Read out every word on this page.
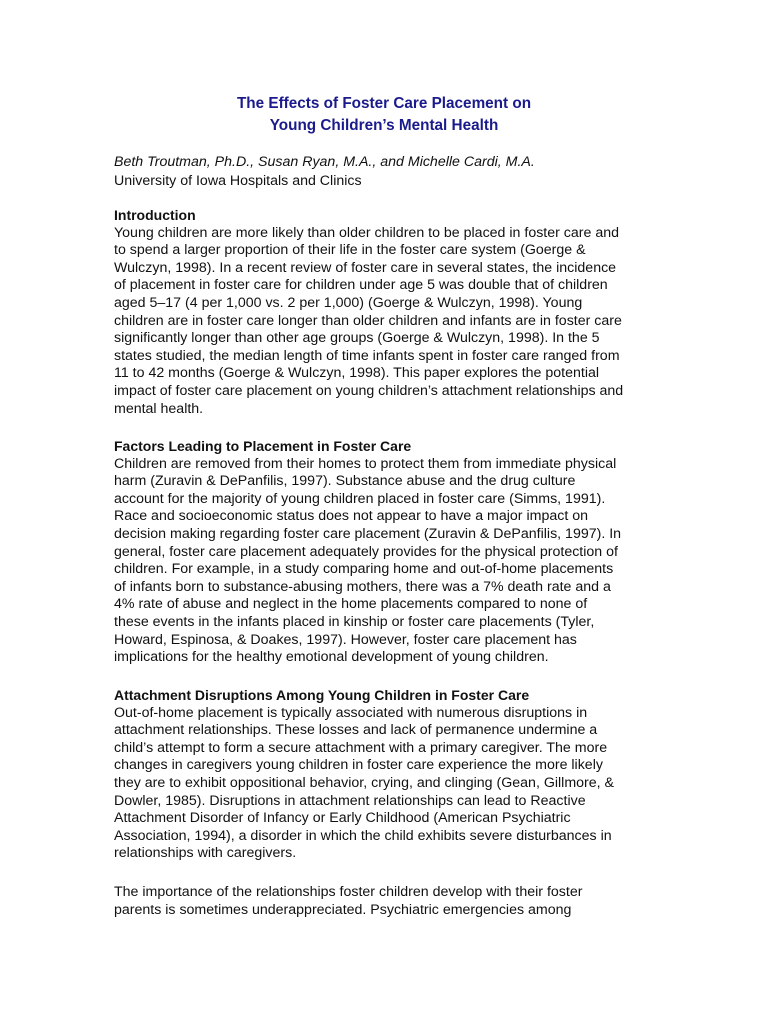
The Effects of Foster Care Placement on
Young Children’s Mental Health
Beth Troutman, Ph.D., Susan Ryan, M.A., and Michelle Cardi, M.A.
University of Iowa Hospitals and Clinics
Introduction
Young children are more likely than older children to be placed in foster care and
to spend a larger proportion of their life in the foster care system (Goerge &
Wulczyn, 1998). In a recent review of foster care in several states, the incidence
of placement in foster care for children under age 5 was double that of children
aged 5–17 (4 per 1,000 vs. 2 per 1,000) (Goerge & Wulczyn, 1998). Young
children are in foster care longer than older children and infants are in foster care
significantly longer than other age groups (Goerge & Wulczyn, 1998). In the 5
states studied, the median length of time infants spent in foster care ranged from
11 to 42 months (Goerge & Wulczyn, 1998). This paper explores the potential
impact of foster care placement on young children’s attachment relationships and
mental health.
Factors Leading to Placement in Foster Care
Children are removed from their homes to protect them from immediate physical
harm (Zuravin & DePanfilis, 1997). Substance abuse and the drug culture
account for the majority of young children placed in foster care (Simms, 1991).
Race and socioeconomic status does not appear to have a major impact on
decision making regarding foster care placement (Zuravin & DePanfilis, 1997). In
general, foster care placement adequately provides for the physical protection of
children. For example, in a study comparing home and out-of-home placements
of infants born to substance-abusing mothers, there was a 7% death rate and a
4% rate of abuse and neglect in the home placements compared to none of
these events in the infants placed in kinship or foster care placements (Tyler,
Howard, Espinosa, & Doakes, 1997). However, foster care placement has
implications for the healthy emotional development of young children.
Attachment Disruptions Among Young Children in Foster Care
Out-of-home placement is typically associated with numerous disruptions in
attachment relationships. These losses and lack of permanence undermine a
child’s attempt to form a secure attachment with a primary caregiver. The more
changes in caregivers young children in foster care experience the more likely
they are to exhibit oppositional behavior, crying, and clinging (Gean, Gillmore, &
Dowler, 1985). Disruptions in attachment relationships can lead to Reactive
Attachment Disorder of Infancy or Early Childhood (American Psychiatric
Association, 1994), a disorder in which the child exhibits severe disturbances in
relationships with caregivers.
The importance of the relationships foster children develop with their foster
parents is sometimes underappreciated. Psychiatric emergencies among
